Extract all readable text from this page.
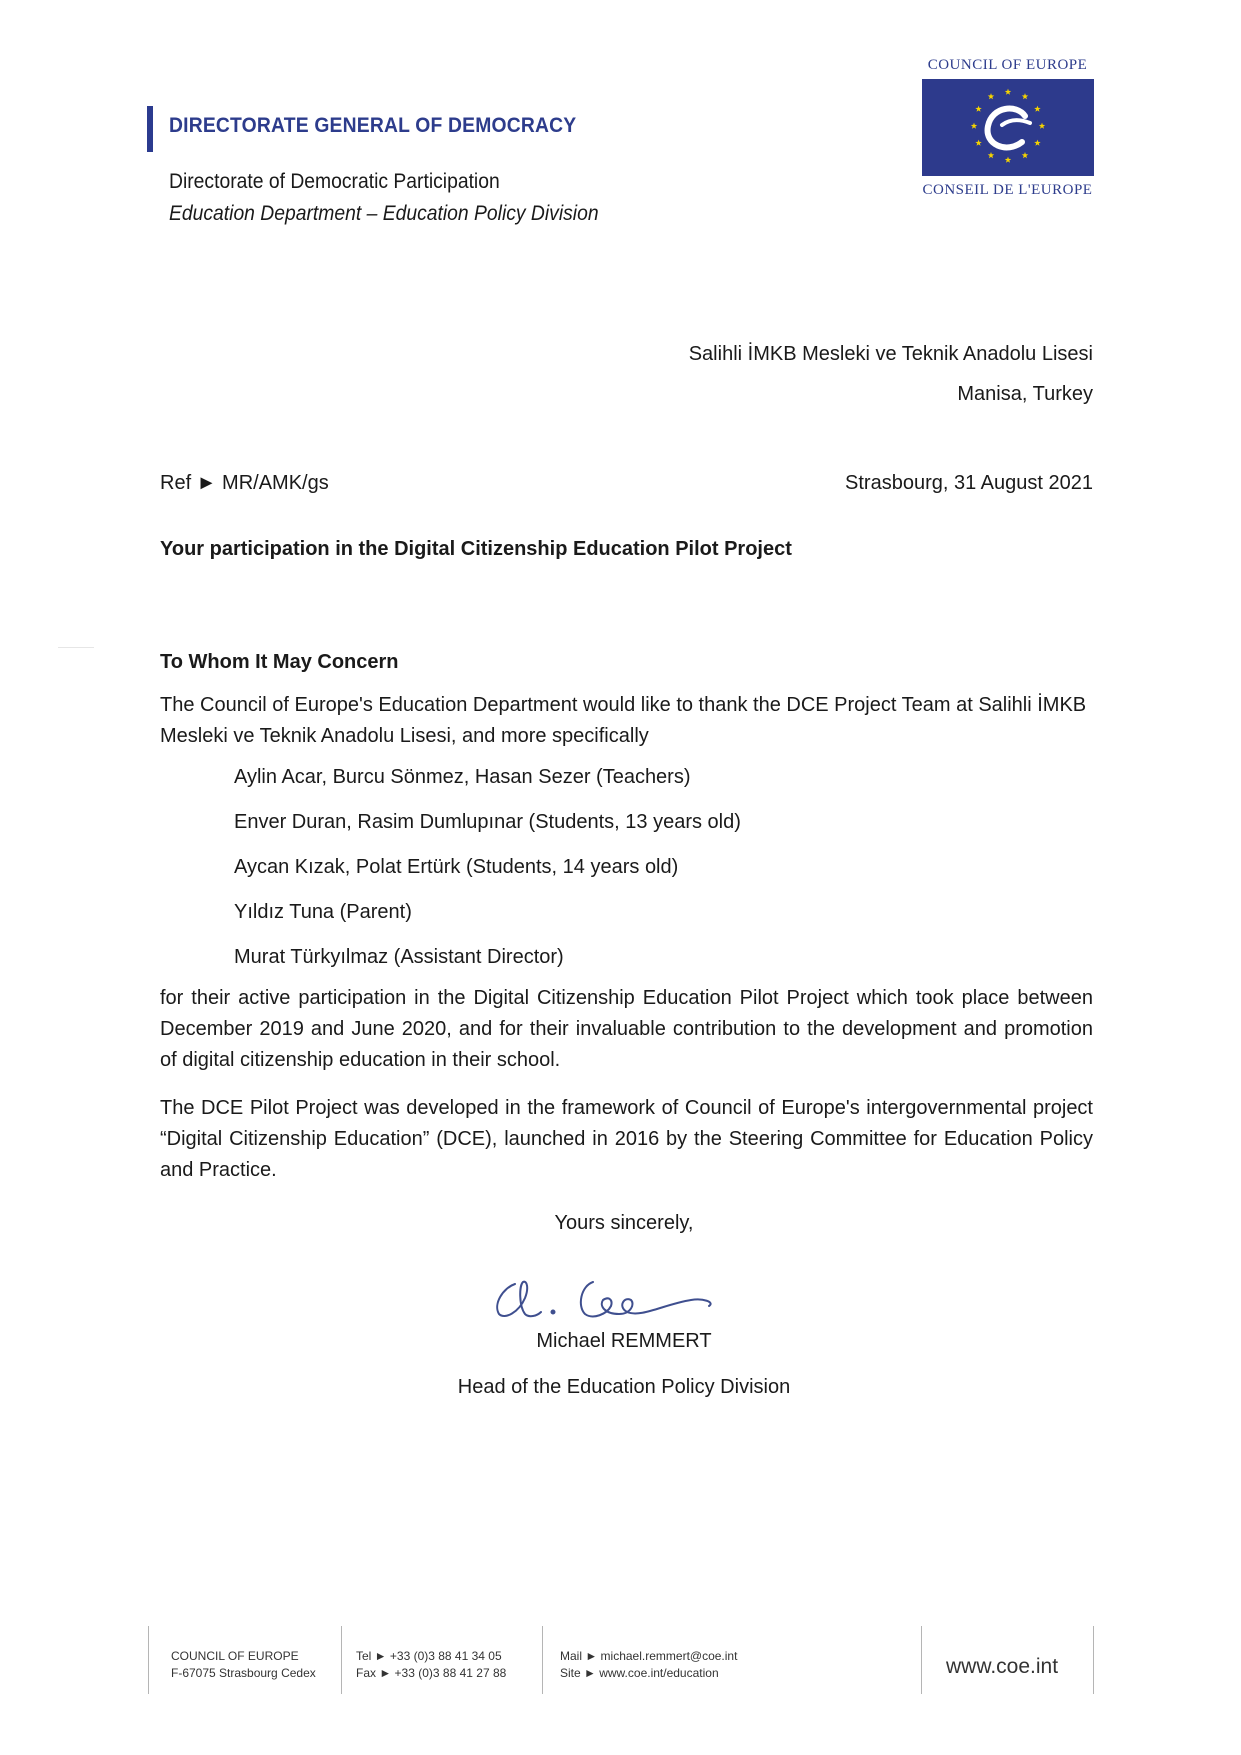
DIRECTORATE GENERAL OF DEMOCRACY
Directorate of Democratic Participation
Education Department – Education Policy Division
COUNCIL OF EUROPE
CONSEIL DE L'EUROPE
Salihli İMKB Mesleki ve Teknik Anadolu Lisesi
Manisa, Turkey
Ref ► MR/AMK/gs	Strasbourg, 31 August 2021
Your participation in the Digital Citizenship Education Pilot Project
To Whom It May Concern
The Council of Europe's Education Department would like to thank the DCE Project Team at Salihli İMKB Mesleki ve Teknik Anadolu Lisesi, and more specifically
Aylin Acar, Burcu Sönmez, Hasan Sezer (Teachers)
Enver Duran, Rasim Dumlupınar (Students, 13 years old)
Aycan Kızak, Polat Ertürk (Students, 14 years old)
Yıldız Tuna (Parent)
Murat Türkyılmaz (Assistant Director)
for their active participation in the Digital Citizenship Education Pilot Project which took place between December 2019 and June 2020, and for their invaluable contribution to the development and promotion of digital citizenship education in their school.
The DCE Pilot Project was developed in the framework of Council of Europe's intergovernmental project “Digital Citizenship Education” (DCE), launched in 2016 by the Steering Committee for Education Policy and Practice.
Yours sincerely,
Michael REMMERT
Head of the Education Policy Division
COUNCIL OF EUROPE
F-67075 Strasbourg Cedex
Tel ► +33 (0)3 88 41 34 05
Fax ► +33 (0)3 88 41 27 88
Mail ► michael.remmert@coe.int
Site ► www.coe.int/education	www.coe.int
